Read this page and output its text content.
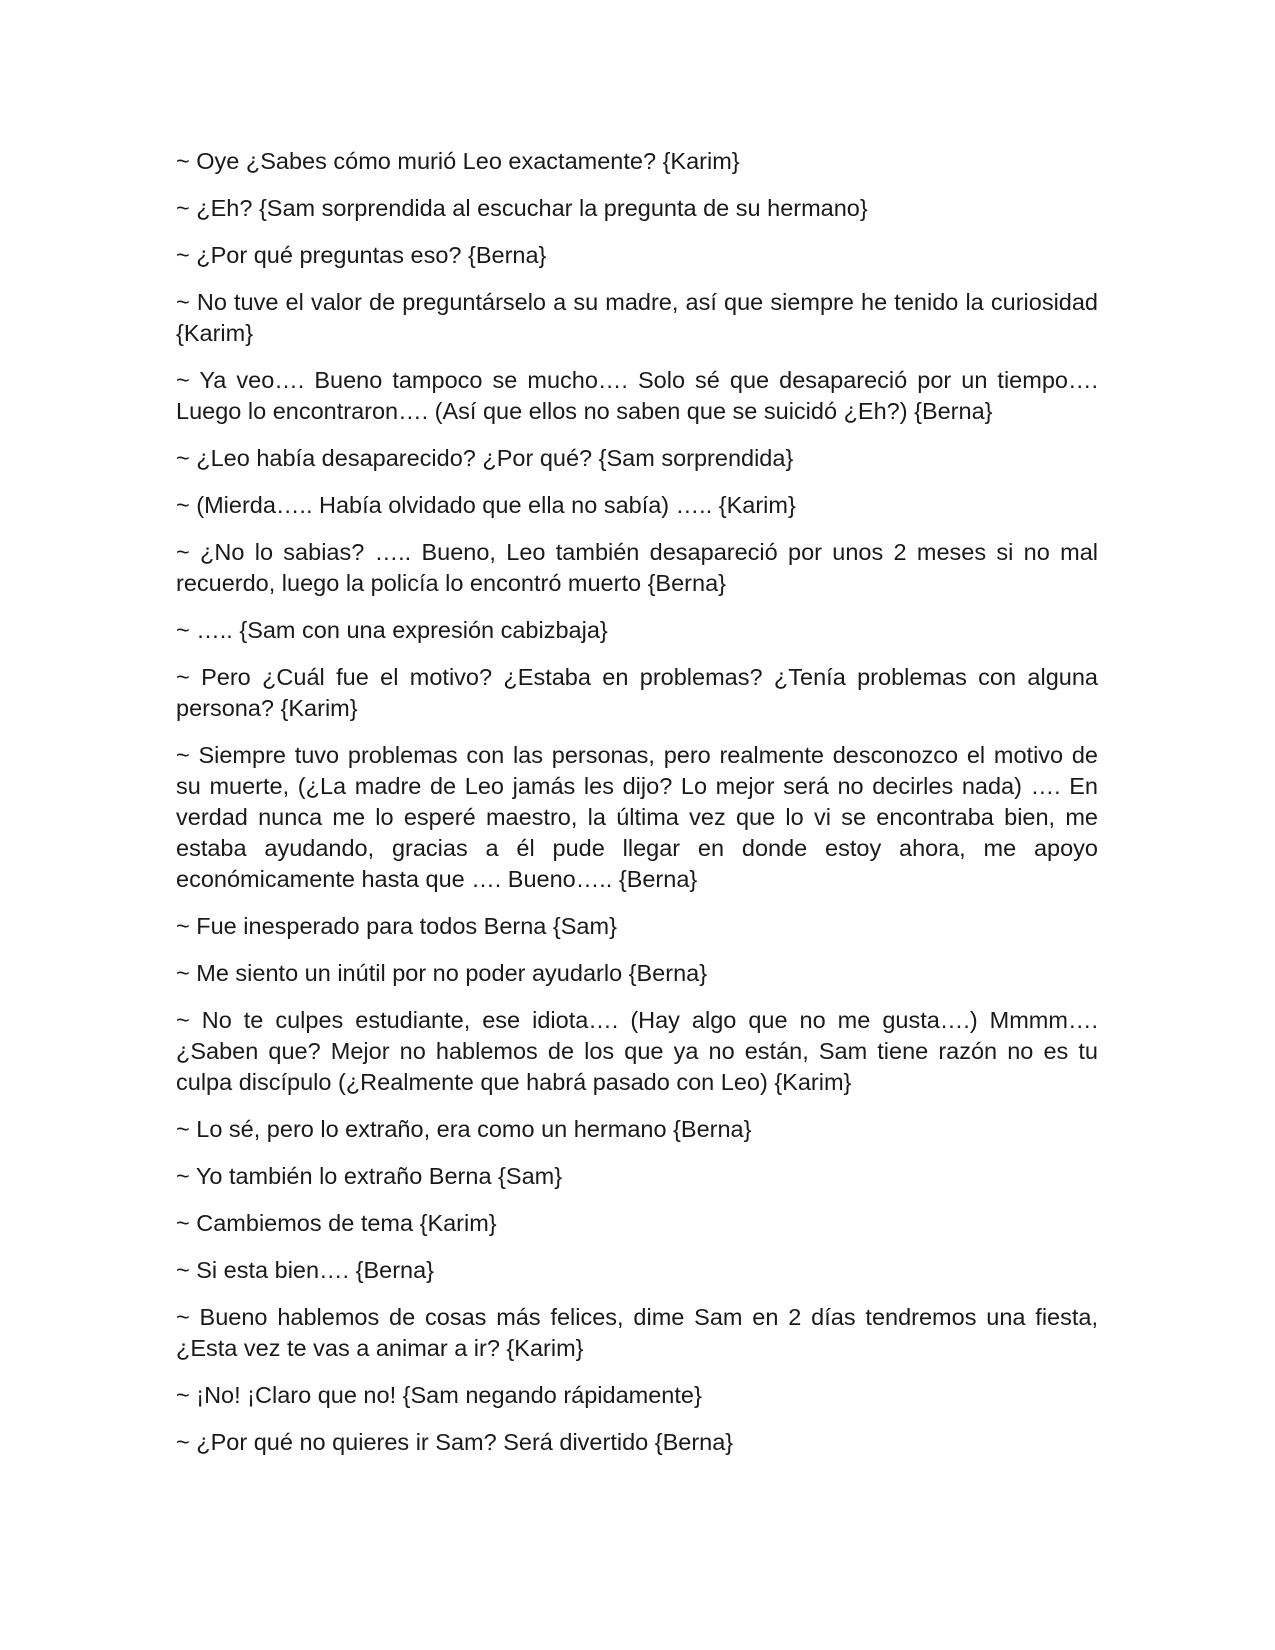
~ Oye ¿Sabes cómo murió Leo exactamente? {Karim}

~ ¿Eh? {Sam sorprendida al escuchar la pregunta de su hermano}

~ ¿Por qué preguntas eso? {Berna}

~ No tuve el valor de preguntárselo a su madre, así que siempre he tenido la curiosidad {Karim}

~ Ya veo…. Bueno tampoco se mucho…. Solo sé que desapareció por un tiempo…. Luego lo encontraron…. (Así que ellos no saben que se suicidó ¿Eh?) {Berna}

~ ¿Leo había desaparecido? ¿Por qué? {Sam sorprendida}

~ (Mierda….. Había olvidado que ella no sabía) ….. {Karim}

~ ¿No lo sabias? ….. Bueno, Leo también desapareció por unos 2 meses si no mal recuerdo, luego la policía lo encontró muerto {Berna}

~ ….. {Sam con una expresión cabizbaja}

~ Pero ¿Cuál fue el motivo? ¿Estaba en problemas? ¿Tenía problemas con alguna persona? {Karim}

~ Siempre tuvo problemas con las personas, pero realmente desconozco el motivo de su muerte, (¿La madre de Leo jamás les dijo? Lo mejor será no decirles nada) …. En verdad nunca me lo esperé maestro, la última vez que lo vi se encontraba bien, me estaba ayudando, gracias a él pude llegar en donde estoy ahora, me apoyo económicamente hasta que …. Bueno….. {Berna}

~ Fue inesperado para todos Berna {Sam}

~ Me siento un inútil por no poder ayudarlo {Berna}

~ No te culpes estudiante, ese idiota…. (Hay algo que no me gusta….) Mmmm…. ¿Saben que? Mejor no hablemos de los que ya no están, Sam tiene razón no es tu culpa discípulo (¿Realmente que habrá pasado con Leo) {Karim}

~ Lo sé, pero lo extraño, era como un hermano {Berna}

~ Yo también lo extraño Berna {Sam}

~ Cambiemos de tema {Karim}

~ Si esta bien…. {Berna}

~ Bueno hablemos de cosas más felices, dime Sam en 2 días tendremos una fiesta, ¿Esta vez te vas a animar a ir? {Karim}

~ ¡No! ¡Claro que no! {Sam negando rápidamente}

~ ¿Por qué no quieres ir Sam? Será divertido {Berna}
